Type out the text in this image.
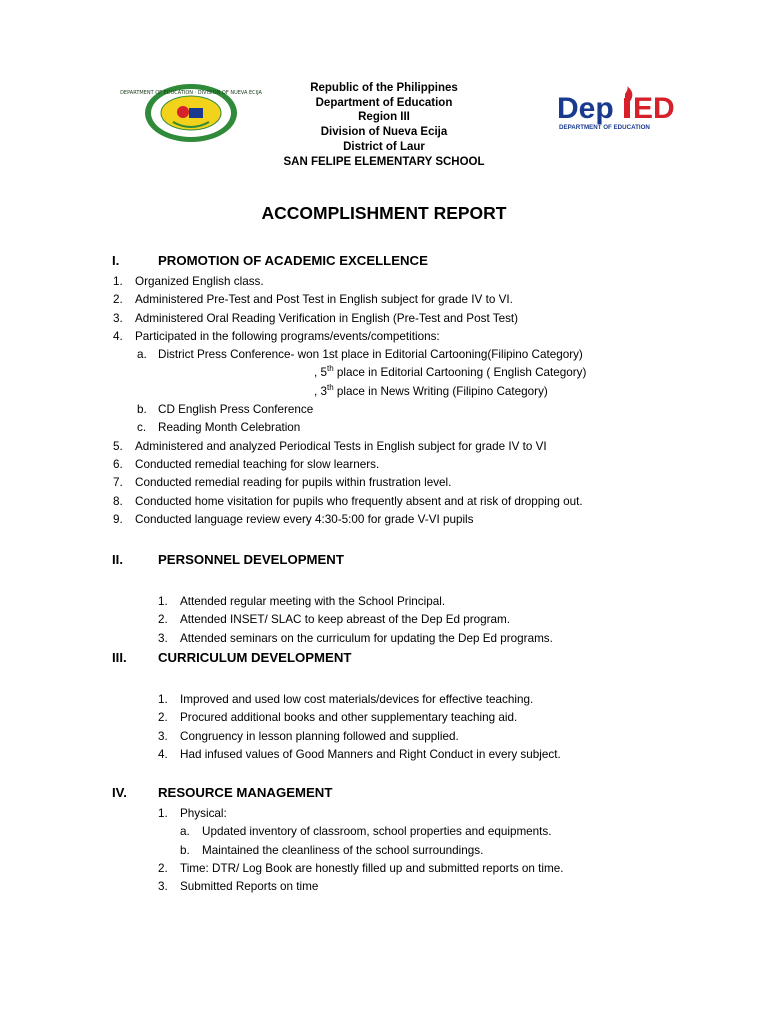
DEPARTMENT OF EDUCATION · DIVISION OF NUEVA ECIJA	Republic of the Philippines
Department of Education
Region III
Division of Nueva Ecija
District of Laur
SAN FELIPE ELEMENTARY SCHOOL
Dep ED
DEPARTMENT OF EDUCATION
ACCOMPLISHMENT REPORT
I.	PROMOTION OF ACADEMIC EXCELLENCE
1. Organized English class.
2. Administered Pre-Test and Post Test in English subject for grade IV to VI.
3. Administered Oral Reading Verification in English (Pre-Test and Post Test)
4. Participated in the following programs/events/competitions:
a. District Press Conference- won 1st place in Editorial Cartooning(Filipino Category)
, 5th place in Editorial Cartooning ( English Category)
, 3th place in News Writing (Filipino Category)
b. CD English Press Conference
c. Reading Month Celebration
5. Administered and analyzed Periodical Tests in English subject for grade IV to VI
6. Conducted remedial teaching for slow learners.
7. Conducted remedial reading for pupils within frustration level.
8. Conducted home visitation for pupils who frequently absent and at risk of dropping out.
9. Conducted language review every 4:30-5:00 for grade V-VI pupils
II.	PERSONNEL DEVELOPMENT
1. Attended regular meeting with the School Principal.
2. Attended INSET/ SLAC to keep abreast of the Dep Ed program.
3. Attended seminars on the curriculum for updating the Dep Ed programs.
III. CURRICULUM DEVELOPMENT
1. Improved and used low cost materials/devices for effective teaching.
2. Procured additional books and other supplementary teaching aid.
3. Congruency in lesson planning followed and supplied.
4. Had infused values of Good Manners and Right Conduct in every subject.
IV. RESOURCE MANAGEMENT
1. Physical:
a. Updated inventory of classroom, school properties and equipments.
b. Maintained the cleanliness of the school surroundings.
2. Time: DTR/ Log Book are honestly filled up and submitted reports on time.
3. Submitted Reports on time
